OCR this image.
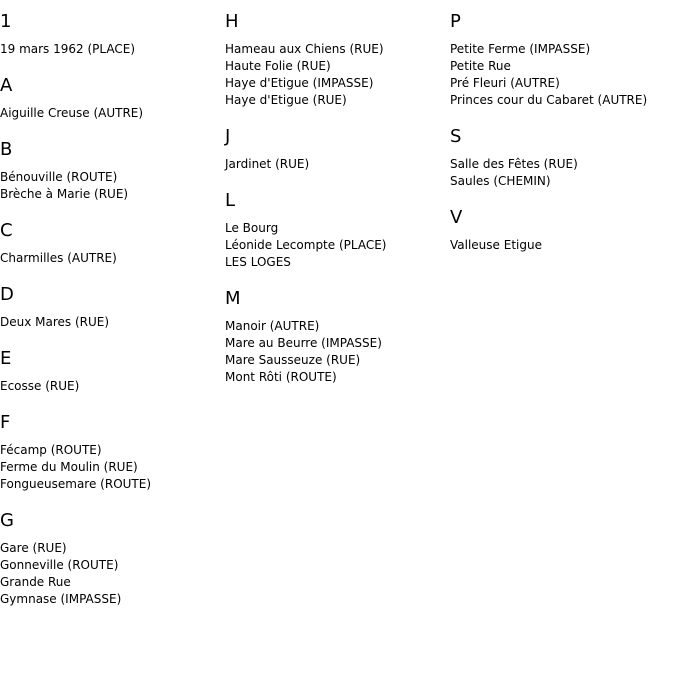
1
19 mars 1962 (PLACE)
A
Aiguille Creuse (AUTRE)
B
Bénouville (ROUTE)
Brèche à Marie (RUE)
C
Charmilles (AUTRE)
D
Deux Mares (RUE)
E
Ecosse (RUE)
F
Fécamp (ROUTE)
Ferme du Moulin (RUE)
Fongueusemare (ROUTE)
G
Gare (RUE)
Gonneville (ROUTE)
Grande Rue
Gymnase (IMPASSE)
H
Hameau aux Chiens (RUE)
Haute Folie (RUE)
Haye d'Etigue (IMPASSE)
Haye d'Etigue (RUE)
J
Jardinet (RUE)
L
Le Bourg
Léonide Lecompte (PLACE)
LES LOGES
M
Manoir (AUTRE)
Mare au Beurre (IMPASSE)
Mare Sausseuze (RUE)
Mont Rôti (ROUTE)
P
Petite Ferme (IMPASSE)
Petite Rue
Pré Fleuri (AUTRE)
Princes cour du Cabaret (AUTRE)
S
Salle des Fêtes (RUE)
Saules (CHEMIN)
V
Valleuse Etigue
